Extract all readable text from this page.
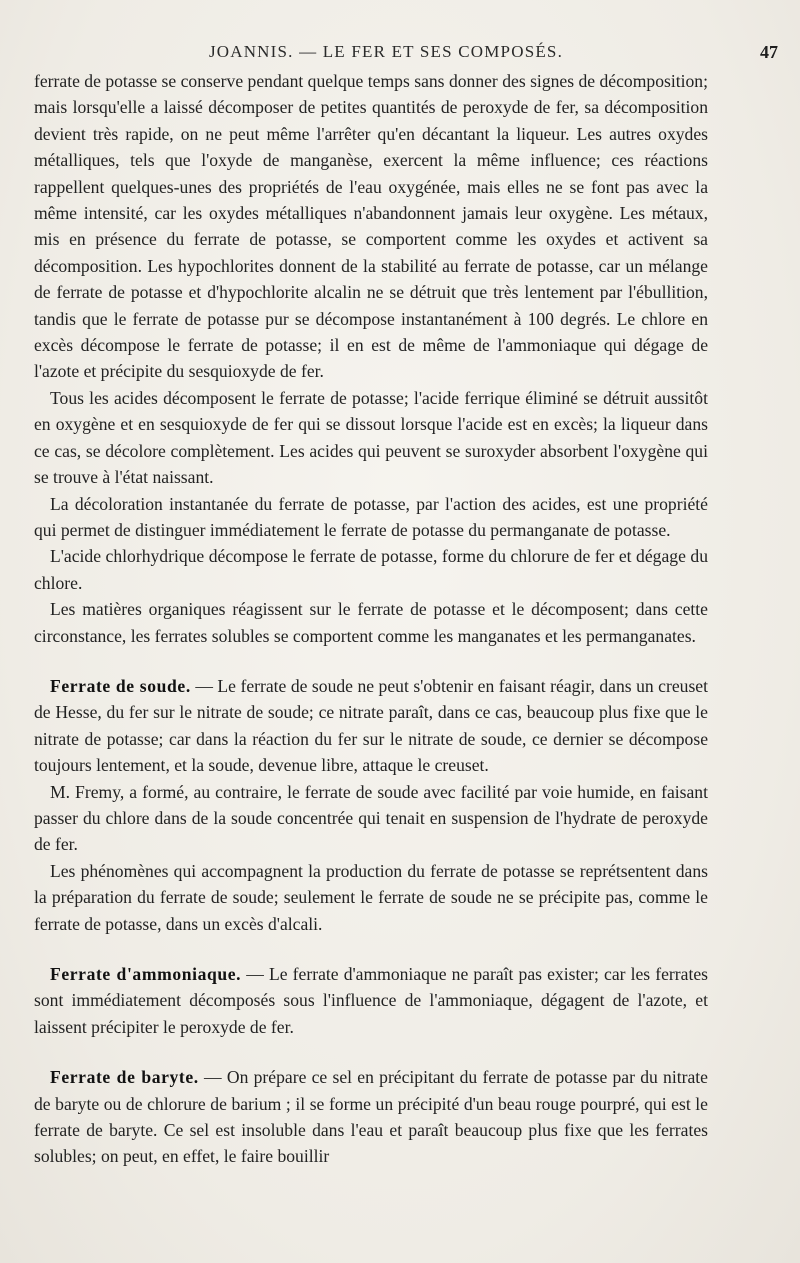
JOANNIS. — LE FER ET SES COMPOSÉS.	47

ferrate de potasse se conserve pendant quelque temps sans donner des signes de décomposition; mais lorsqu'elle a laissé décomposer de petites quantités de peroxyde de fer, sa décomposition devient très rapide, on ne peut même l'arrêter qu'en décantant la liqueur. Les autres oxydes métalliques, tels que l'oxyde de manganèse, exercent la même influence; ces réactions rappellent quelques-unes des propriétés de l'eau oxygénée, mais elles ne se font pas avec la même intensité, car les oxydes métalliques n'abandonnent jamais leur oxygène. Les métaux, mis en présence du ferrate de potasse, se comportent comme les oxydes et activent sa décomposition. Les hypochlorites donnent de la stabilité au ferrate de potasse, car un mélange de ferrate de potasse et d'hypochlorite alcalin ne se détruit que très lentement par l'ébullition, tandis que le ferrate de potasse pur se décompose instantanément à 100 degrés. Le chlore en excès décompose le ferrate de potasse; il en est de même de l'ammoniaque qui dégage de l'azote et précipite du sesquioxyde de fer.

Tous les acides décomposent le ferrate de potasse; l'acide ferrique éliminé se détruit aussitôt en oxygène et en sesquioxyde de fer qui se dissout lorsque l'acide est en excès; la liqueur dans ce cas, se décolore complètement. Les acides qui peuvent se suroxyder absorbent l'oxygène qui se trouve à l'état naissant.

La décoloration instantanée du ferrate de potasse, par l'action des acides, est une propriété qui permet de distinguer immédiatement le ferrate de potasse du permanganate de potasse.

L'acide chlorhydrique décompose le ferrate de potasse, forme du chlorure de fer et dégage du chlore.

Les matières organiques réagissent sur le ferrate de potasse et le décomposent; dans cette circonstance, les ferrates solubles se comportent comme les manganates et les permanganates.

Ferrate de soude. — Le ferrate de soude ne peut s'obtenir en faisant réagir, dans un creuset de Hesse, du fer sur le nitrate de soude; ce nitrate paraît, dans ce cas, beaucoup plus fixe que le nitrate de potasse; car dans la réaction du fer sur le nitrate de soude, ce dernier se décompose toujours lentement, et la soude, devenue libre, attaque le creuset.

M. Fremy, a formé, au contraire, le ferrate de soude avec facilité par voie humide, en faisant passer du chlore dans de la soude concentrée qui tenait en suspension de l'hydrate de peroxyde de fer.

Les phénomènes qui accompagnent la production du ferrate de potasse se reprétsentent dans la préparation du ferrate de soude; seulement le ferrate de soude ne se précipite pas, comme le ferrate de potasse, dans un excès d'alcali.

Ferrate d'ammoniaque. — Le ferrate d'ammoniaque ne paraît pas exister; car les ferrates sont immédiatement décomposés sous l'influence de l'ammoniaque, dégagent de l'azote, et laissent précipiter le peroxyde de fer.

Ferrate de baryte. — On prépare ce sel en précipitant du ferrate de potasse par du nitrate de baryte ou de chlorure de barium ; il se forme un précipité d'un beau rouge pourpré, qui est le ferrate de baryte. Ce sel est insoluble dans l'eau et paraît beaucoup plus fixe que les ferrates solubles; on peut, en effet, le faire bouillir
